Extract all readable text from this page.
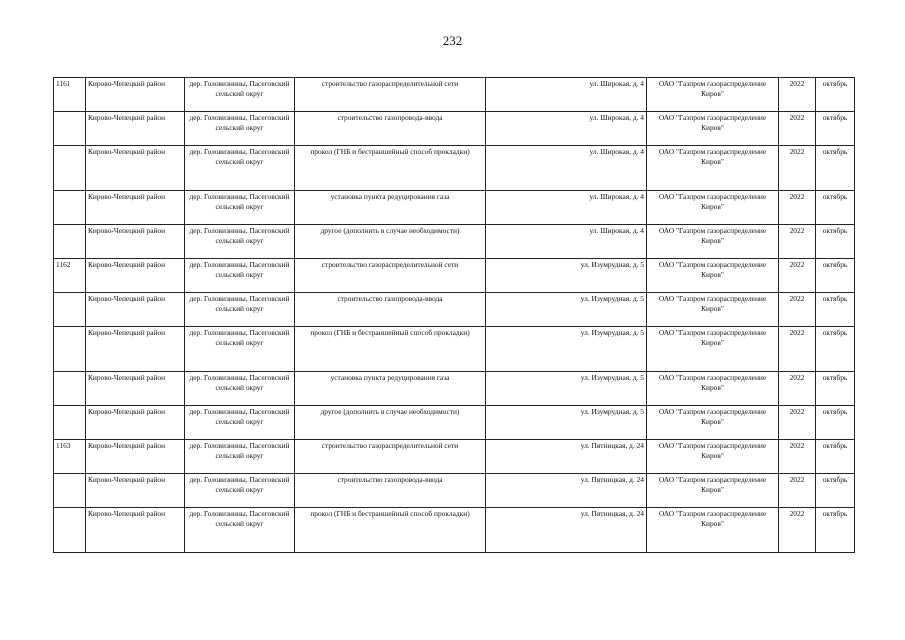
232
1161	Кирово-Чепецкий район	дер. Головизнины, Пасеговский сельский округ	строительство газораспределительной сети	ул. Широкая, д. 4	ОАО "Газпром газораспределение Киров"	2022	октябрь
	Кирово-Чепецкий район	дер. Головизнины, Пасеговский сельский округ	строительство газопровода-ввода	ул. Широкая, д. 4	ОАО "Газпром газораспределение Киров"	2022	октябрь
	Кирово-Чепецкий район	дер. Головизнины, Пасеговский сельский округ	прокол (ГНБ и бестраншейный способ прокладки)	ул. Широкая, д. 4	ОАО "Газпром газораспределение Киров"	2022	октябрь
	Кирово-Чепецкий район	дер. Головизнины, Пасеговский сельский округ	установка пункта редуцирования газа	ул. Широкая, д. 4	ОАО "Газпром газораспределение Киров"	2022	октябрь
	Кирово-Чепецкий район	дер. Головизнины, Пасеговский сельский округ	другое (дополнить в случае необходимости)	ул. Широкая, д. 4	ОАО "Газпром газораспределение Киров"	2022	октябрь
1162	Кирово-Чепецкий район	дер. Головизнины, Пасеговский сельский округ	строительство газораспределительной сети	ул. Изумрудная, д. 5	ОАО "Газпром газораспределение Киров"	2022	октябрь
	Кирово-Чепецкий район	дер. Головизнины, Пасеговский сельский округ	строительство газопровода-ввода	ул. Изумрудная, д. 5	ОАО "Газпром газораспределение Киров"	2022	октябрь
	Кирово-Чепецкий район	дер. Головизнины, Пасеговский сельский округ	прокол (ГНБ и бестраншейный способ прокладки)	ул. Изумрудная, д. 5	ОАО "Газпром газораспределение Киров"	2022	октябрь
	Кирово-Чепецкий район	дер. Головизнины, Пасеговский сельский округ	установка пункта редуцирования газа	ул. Изумрудная, д. 5	ОАО "Газпром газораспределение Киров"	2022	октябрь
	Кирово-Чепецкий район	дер. Головизнины, Пасеговский сельский округ	другое (дополнить в случае необходимости)	ул. Изумрудная, д. 5	ОАО "Газпром газораспределение Киров"	2022	октябрь
1163	Кирово-Чепецкий район	дер. Головизнины, Пасеговский сельский округ	строительство газораспределительной сети	ул. Пятницкая, д. 24	ОАО "Газпром газораспределение Киров"	2022	октябрь
	Кирово-Чепецкий район	дер. Головизнины, Пасеговский сельский округ	строительство газопровода-ввода	ул. Пятницкая, д. 24	ОАО "Газпром газораспределение Киров"	2022	октябрь
	Кирово-Чепецкий район	дер. Головизнины, Пасеговский сельский округ	прокол (ГНБ и бестраншейный способ прокладки)	ул. Пятницкая, д. 24	ОАО "Газпром газораспределение Киров"	2022	октябрь
